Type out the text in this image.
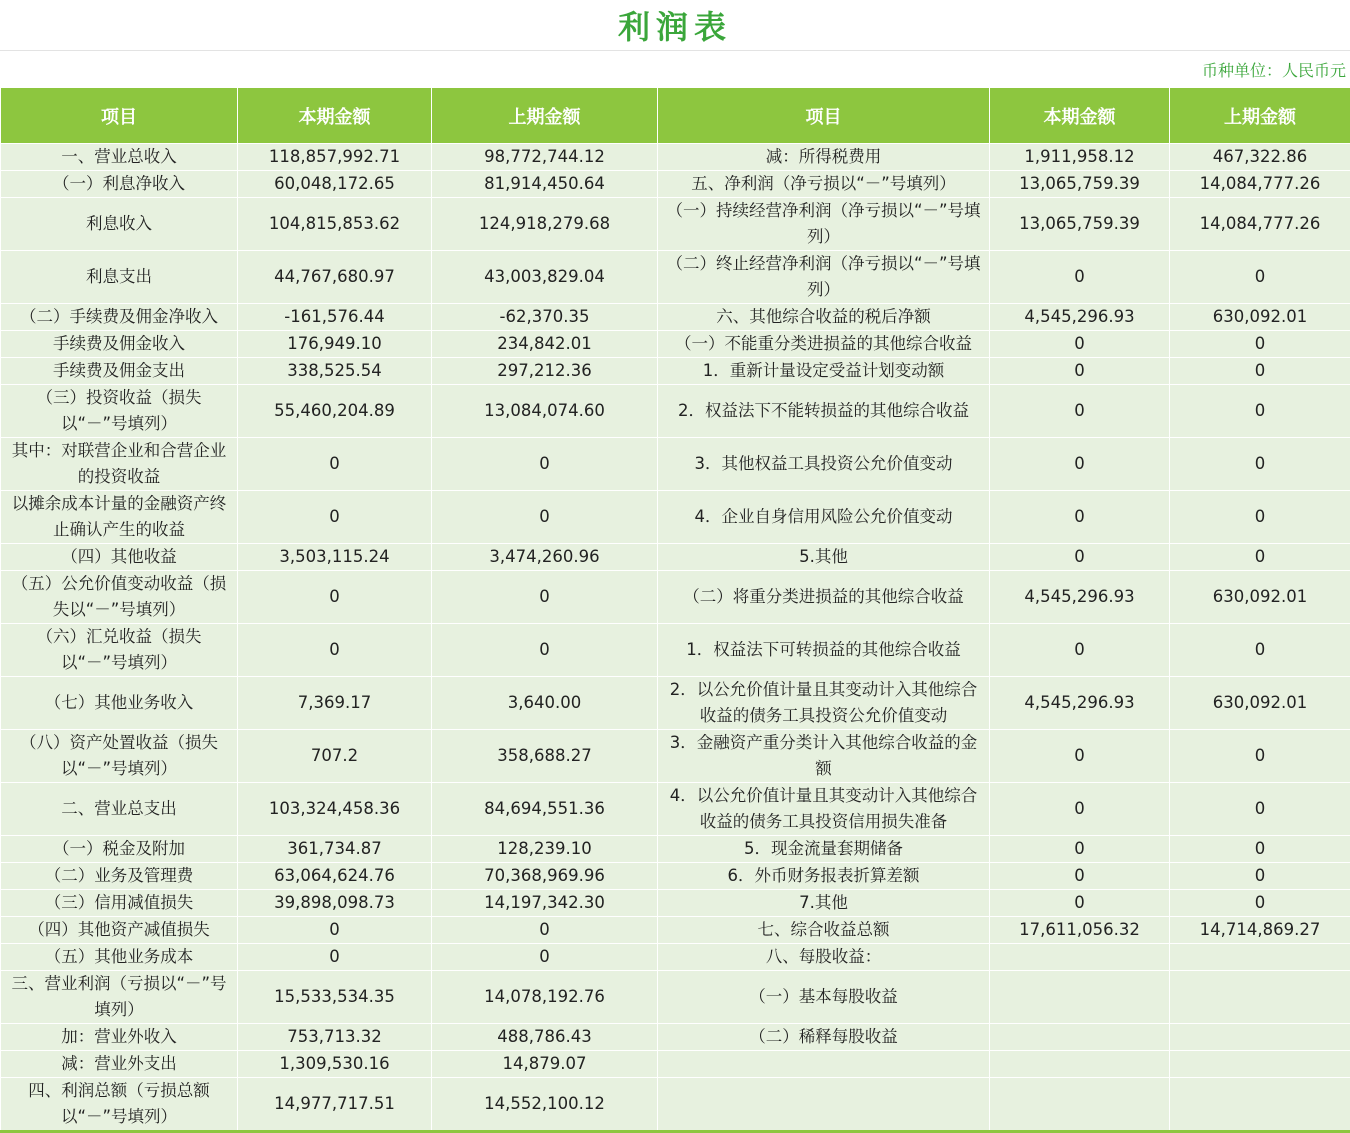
利润表
币种单位：人民币元
项目	本期金额	上期金额	项目	本期金额	上期金额
一、营业总收入	118,857,992.71	98,772,744.12	减：所得税费用	1,911,958.12	467,322.86
（一）利息净收入	60,048,172.65	81,914,450.64	五、净利润（净亏损以“－”号填列）	13,065,759.39	14,084,777.26
利息收入	104,815,853.62	124,918,279.68	（一）持续经营净利润（净亏损以“－”号填列）	13,065,759.39	14,084,777.26
利息支出	44,767,680.97	43,003,829.04	（二）终止经营净利润（净亏损以“－”号填列）	0	0
（二）手续费及佣金净收入	-161,576.44	-62,370.35	六、其他综合收益的税后净额	4,545,296.93	630,092.01
手续费及佣金收入	176,949.10	234,842.01	（一）不能重分类进损益的其他综合收益	0	0
手续费及佣金支出	338,525.54	297,212.36	1．重新计量设定受益计划变动额	0	0
（三）投资收益（损失以“－”号填列）	55,460,204.89	13,084,074.60	2．权益法下不能转损益的其他综合收益	0	0
其中：对联营企业和合营企业的投资收益	0	0	3．其他权益工具投资公允价值变动	0	0
以摊余成本计量的金融资产终止确认产生的收益	0	0	4．企业自身信用风险公允价值变动	0	0
（四）其他收益	3,503,115.24	3,474,260.96	5.其他	0	0
（五）公允价值变动收益（损失以“－”号填列）	0	0	（二）将重分类进损益的其他综合收益	4,545,296.93	630,092.01
（六）汇兑收益（损失以“－”号填列）	0	0	1．权益法下可转损益的其他综合收益	0	0
（七）其他业务收入	7,369.17	3,640.00	2．以公允价值计量且其变动计入其他综合收益的债务工具投资公允价值变动	4,545,296.93	630,092.01
（八）资产处置收益（损失以“－”号填列）	707.2	358,688.27	3．金融资产重分类计入其他综合收益的金额	0	0
二、营业总支出	103,324,458.36	84,694,551.36	4．以公允价值计量且其变动计入其他综合收益的债务工具投资信用损失准备	0	0
（一）税金及附加	361,734.87	128,239.10	5．现金流量套期储备	0	0
（二）业务及管理费	63,064,624.76	70,368,969.96	6．外币财务报表折算差额	0	0
（三）信用减值损失	39,898,098.73	14,197,342.30	7.其他	0	0
（四）其他资产减值损失	0	0	七、综合收益总额	17,611,056.32	14,714,869.27
（五）其他业务成本	0	0	八、每股收益：		
三、营业利润（亏损以“－”号填列）	15,533,534.35	14,078,192.76	（一）基本每股收益		
加：营业外收入	753,713.32	488,786.43	（二）稀释每股收益		
减：营业外支出	1,309,530.16	14,879.07			
四、利润总额（亏损总额以“－”号填列）	14,977,717.51	14,552,100.12			
